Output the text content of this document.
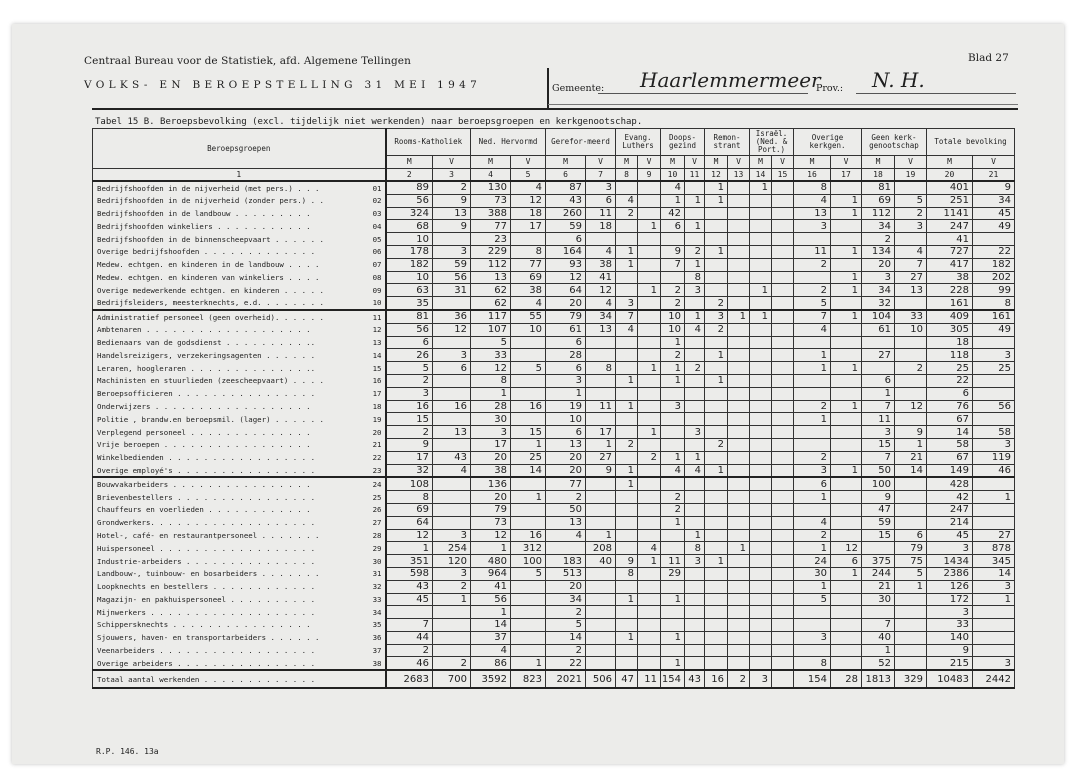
Centraal Bureau voor de Statistiek, afd. Algemene Tellingen
VOLKS- EN BEROEPSTELLING 31 MEI 1947
Blad 27
Gemeente: Haarlemmermeer
Prov.: N. H.
Tabel 15 B. Beroepsbevolking (excl. tijdelijk niet werkenden) naar beroepsgroepen en kerkgenootschap.
Beroepsgroepen	Rooms-Katholiek		Ned. Hervormd		Gerefor-meerd		Evang. Luthers		Doops-gezind		Remon-strant		Israël. (Ned. & Port.)		Overige kerkgen.		Geen kerk-genootschap		Totale bevolking	
	M	V	M	V	M	V	M	V	M	V	M	V	M	V	M	V	M	V	M	V
1	2	3	4	5	6	7	8	9	10	11	12	13	14	15	16	17	18	19	20	21
Bedrijfshoofden in de nijverheid (met pers.) . . . 01	89	2	130	4	87	3			4		1		1		8		81		401	9
Bedrijfshoofden in de nijverheid (zonder pers.) . . 02	56	9	73	12	43	6	4		1	1	1				4	1	69	5	251	34
Bedrijfshoofden in de landbouw . . . . . . . . . 03	324	13	388	18	260	11	2		42						13	1	112	2	1141	45
Bedrijfshoofden winkeliers . . . . . . . . . . . 04	68	9	77	17	59	18		1	6	1					3		34	3	247	49
Bedrijfshoofden in de binnenscheepvaart . . . . . . 05	10		23		6												2		41	
Overige bedrijfshoofden . . . . . . . . . . . . . 06	178	3	229	8	164	4	1		9	2	1				11	1	134	4	727	22
Medew. echtgen. en kinderen in de landbouw . . . . 07	182	59	112	77	93	38	1		7	1					2		20	7	417	182
Medew. echtgen. en kinderen van winkeliers . . . . 08	10	56	13	69	12	41				8						1	3	27	38	202
Overige medewerkende echtgen. en kinderen . . . . . 09	63	31	62	38	64	12		1	2	3			1		2	1	34	13	228	99
Bedrijfsleiders, meesterknechts, e.d. . . . . . . . 10	35		62	4	20	4	3		2		2				5		32		161	8
Administratief personeel (geen overheid). . . . . . 11	81	36	117	55	79	34	7		10	1	3	1	1		7	1	104	33	409	161
Ambtenaren . . . . . . . . . . . . . . . . . . . 12	56	12	107	10	61	13	4		10	4	2				4		61	10	305	49
Bedienaars van de godsdienst . . . . . . . . . .. 13	6		5		6				1										18	
Handelsreizigers, verzekeringsagenten . . . . . . 14	26	3	33		28				2		1				1		27		118	3
Leraren, hoogleraren . . . . . . . . . . . . . .. 15	5	6	12	5	6	8		1	1	2					1	1		2	25	25
Machinisten en stuurlieden (zeescheepvaart) . . . . 16	2		8		3		1		1		1						6		22	
Beroepsofficieren . . . . . . . . . . . . . . . . 17	3		1		1												1		6	
Onderwijzers . . . . . . . . . . . . . . . . . . 18	16	16	28	16	19	11	1		3						2	1	7	12	76	56
Politie , brandw.en beroepsmil. (lager) . . . . . . 19	15		30		10										1		11		67	
Verplegend personeel . . . . . . . . . . . . . . 20	2	13	3	15	6	17		1		3							3	9	14	58
Vrije beroepen . . . . . . . . . . . . . . . . . 21	9		17	1	13	1	2				2						15	1	58	3
Winkelbedienden . . . . . . . . . . . . . . . . . 22	17	43	20	25	20	27		2	1	1					2		7	21	67	119
Overige employé's . . . . . . . . . . . . . . . . 23	32	4	38	14	20	9	1		4	4	1				3	1	50	14	149	46
Bouwvakarbeiders . . . . . . . . . . . . . . . . 24	108		136		77		1								6		100		428	
Brievenbestellers . . . . . . . . . . . . . . . . 25	8		20	1	2				2						1		9		42	1
Chauffeurs en voerlieden . . . . . . . . . . . . 26	69		79		50				2								47		247	
Grondwerkers. . . . . . . . . . . . . . . . . . . 27	64		73		13				1						4		59		214	
Hotel-, café- en restaurantpersoneel . . . . . . . 28	12	3	12	16	4	1				1					2		15	6	45	27
Huispersoneel . . . . . . . . . . . . . . . . . . 29	1	254	1	312		208		4		8		1			1	12		79	3	878
Industrie-arbeiders . . . . . . . . . . . . . . . 30	351	120	480	100	183	40	9	1	11	3	1				24	6	375	75	1434	345
Landbouw-, tuinbouw- en bosarbeiders . . . . . . . 31	598	3	964	5	513		8		29						30	1	244	5	2386	14
Loopknechts en bestellers . . . . . . . . . . . . 32	43	2	41		20										1		21	1	126	3
Magazijn- en pakhuispersoneel . . . . . . . . . . 33	45	1	56		34		1		1						5		30		172	1
Mijnwerkers . . . . . . . . . . . . . . . . . . . 34			1		2														3	
Schippersknechts . . . . . . . . . . . . . . . . 35	7		14		5												7		33	
Sjouwers, haven- en transportarbeiders . . . . . . 36	44		37		14		1		1						3		40		140	
Veenarbeiders . . . . . . . . . . . . . . . . . . 37	2		4		2												1		9	
Overige arbeiders . . . . . . . . . . . . . . . . 38	46	2	86	1	22				1						8		52		215	3
Totaal aantal werkenden . . . . . . . . . . . . .	2683	700	3592	823	2021	506	47	11	154	43	16	2	3		154	28	1813	329	10483	2442
R.P. 146. 13a
